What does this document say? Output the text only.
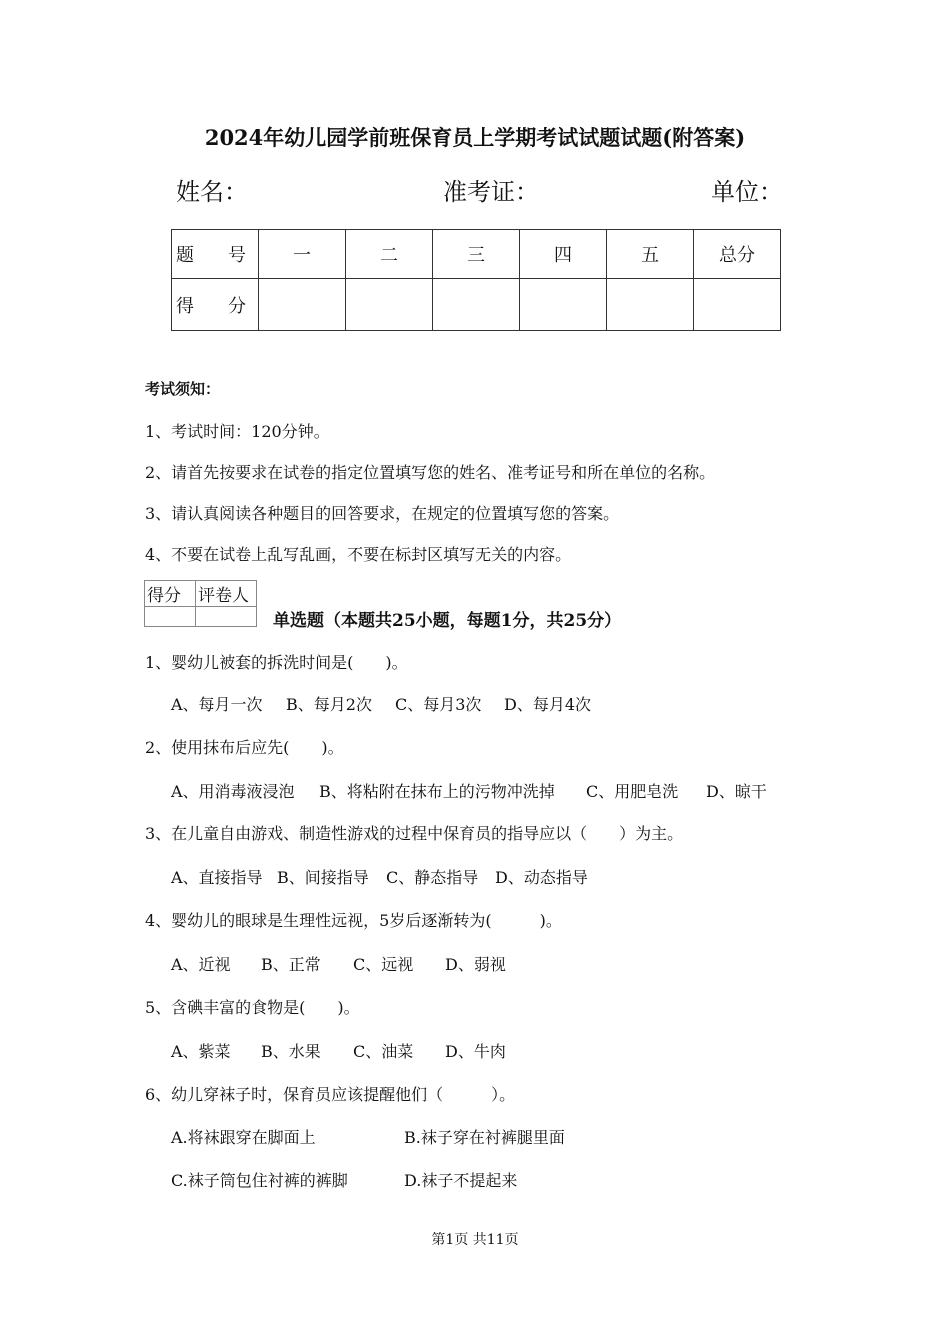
2024年幼儿园学前班保育员上学期考试试题试题(附答案)
姓名：	准考证：	单位：
题　号	一	二	三	四	五	总分
得　分						
考试须知：
1、考试时间：120分钟。
2、请首先按要求在试卷的指定位置填写您的姓名、准考证号和所在单位的名称。
3、请认真阅读各种题目的回答要求，在规定的位置填写您的答案。
4、不要在试卷上乱写乱画，不要在标封区填写无关的内容。
得分	评卷人

单选题（本题共25小题，每题1分，共25分）
1、婴幼儿被套的拆洗时间是(　　)。
A、每月一次 B、每月2次 C、每月3次 D、每月4次
2、使用抹布后应先(　　)。
A、用消毒液浸泡 B、将粘附在抹布上的污物冲洗掉 C、用肥皂洗 D、晾干
3、在儿童自由游戏、制造性游戏的过程中保育员的指导应以（　　）为主。
A、直接指导 B、间接指导 C、静态指导 D、动态指导
4、婴幼儿的眼球是生理性远视，5岁后逐渐转为(　　　)。
A、近视 B、正常 C、远视 D、弱视
5、含碘丰富的食物是(　　)。
A、紫菜 B、水果 C、油菜 D、牛肉
6、幼儿穿袜子时，保育员应该提醒他们（　　　）。
A.将袜跟穿在脚面上	B.袜子穿在衬裤腿里面
C.袜子筒包住衬裤的裤脚	D.袜子不提起来
第1页 共11页
